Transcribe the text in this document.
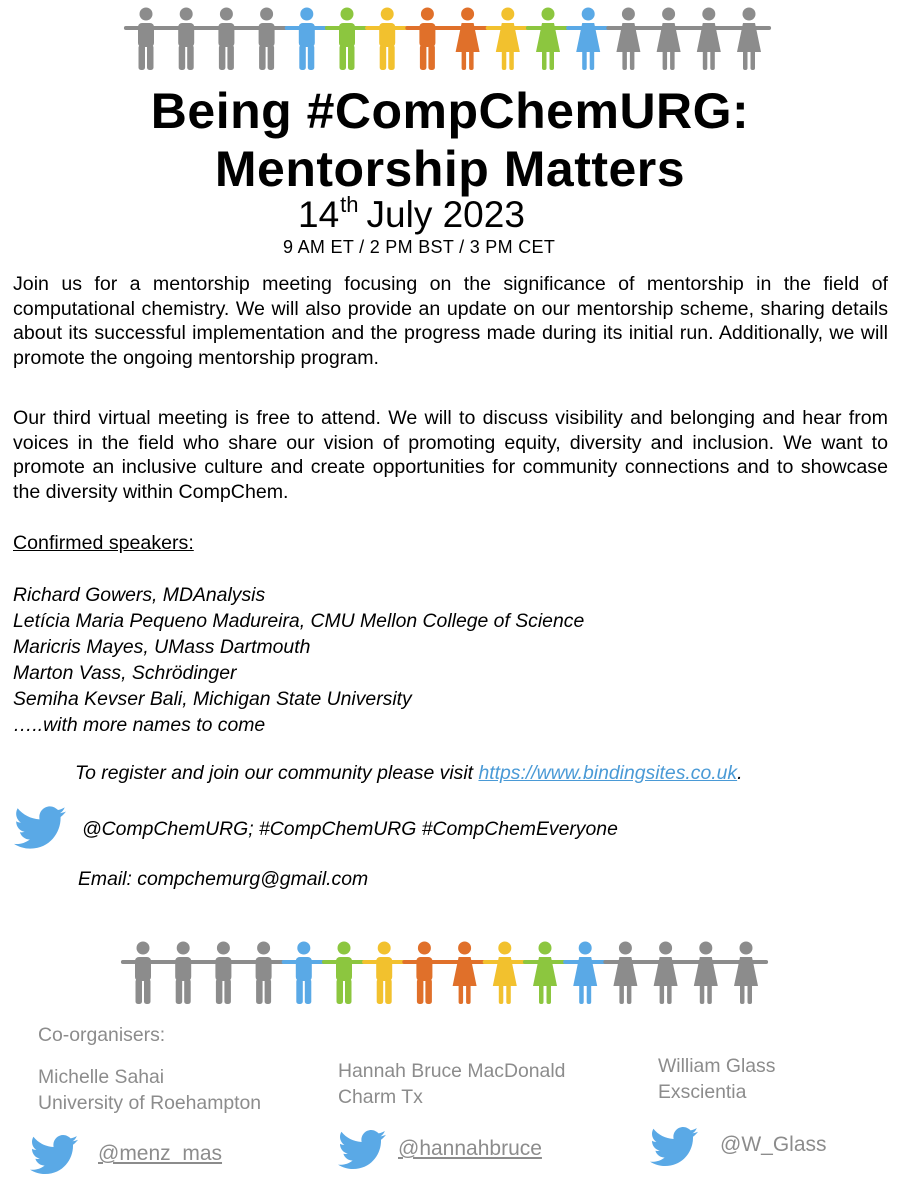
Being #CompChemURG:
Mentorship Matters
14th July 2023
9 AM ET / 2 PM BST / 3 PM CET
Join us for a mentorship meeting focusing on the significance of mentorship in the field of computational chemistry. We will also provide an update on our mentorship scheme, sharing details about its successful implementation and the progress made during its initial run. Additionally, we will promote the ongoing mentorship program.
Our third virtual meeting is free to attend. We will to discuss visibility and belonging and hear from voices in the field who share our vision of promoting equity, diversity and inclusion. We want to promote an inclusive culture and create opportunities for community connections and to showcase the diversity within CompChem.
Confirmed speakers:
Richard Gowers, MDAnalysis
Letícia Maria Pequeno Madureira, CMU Mellon College of Science
Maricris Mayes, UMass Dartmouth
Marton Vass, Schrödinger
Semiha Kevser Bali, Michigan State University
…..with more names to come
To register and join our community please visit https://www.bindingsites.co.uk.
@CompChemURG; #CompChemURG #CompChemEveryone
Email: compchemurg@gmail.com
Co-organisers:
Michelle Sahai
University of Roehampton
Hannah Bruce MacDonald
Charm Tx
William Glass
Exscientia
@menz_mas	@hannahbruce	@W_Glass
